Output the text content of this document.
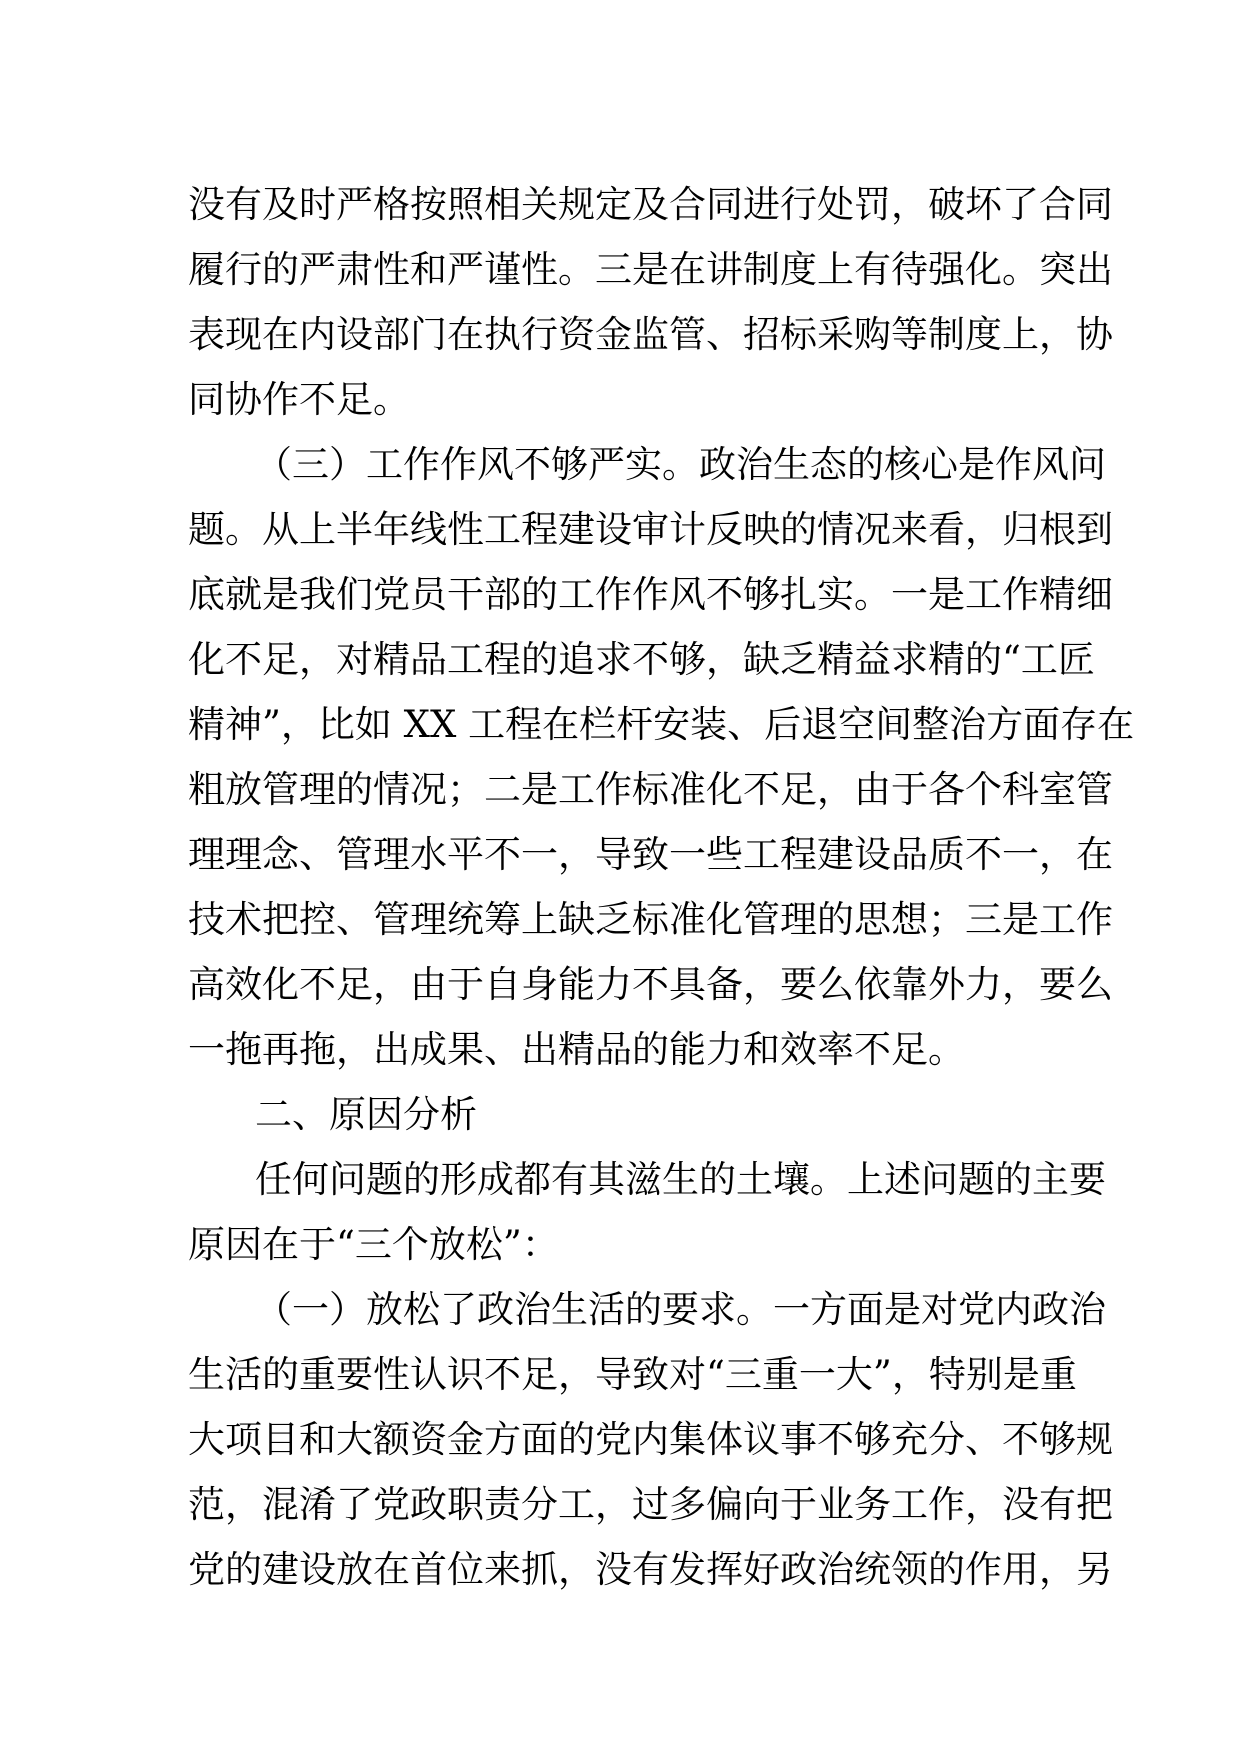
没有及时严格按照相关规定及合同进行处罚，破坏了合同
履行的严肃性和严谨性。三是在讲制度上有待强化。突出
表现在内设部门在执行资金监管、招标采购等制度上，协
同协作不足。
（三）工作作风不够严实。政治生态的核心是作风问
题。从上半年线性工程建设审计反映的情况来看，归根到
底就是我们党员干部的工作作风不够扎实。一是工作精细
化不足，对精品工程的追求不够，缺乏精益求精的“工匠
精神”，比如 XX 工程在栏杆安装、后退空间整治方面存在
粗放管理的情况；二是工作标准化不足，由于各个科室管
理理念、管理水平不一，导致一些工程建设品质不一，在
技术把控、管理统筹上缺乏标准化管理的思想；三是工作
高效化不足，由于自身能力不具备，要么依靠外力，要么
一拖再拖，出成果、出精品的能力和效率不足。
二、原因分析
任何问题的形成都有其滋生的土壤。上述问题的主要
原因在于“三个放松”：
（一）放松了政治生活的要求。一方面是对党内政治
生活的重要性认识不足，导致对“三重一大”，特别是重
大项目和大额资金方面的党内集体议事不够充分、不够规
范，混淆了党政职责分工，过多偏向于业务工作，没有把
党的建设放在首位来抓，没有发挥好政治统领的作用，另
